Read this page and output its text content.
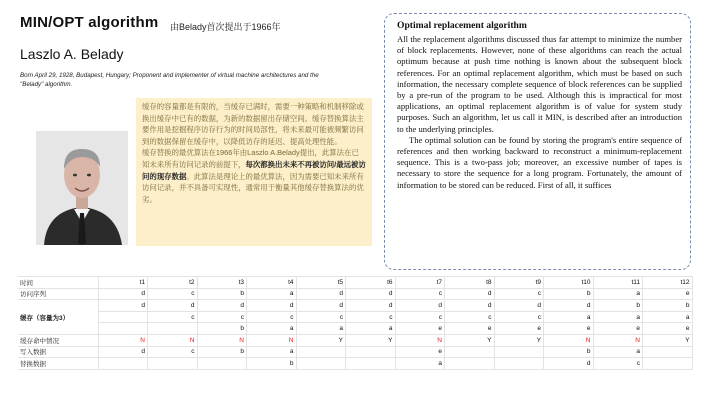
MIN/OPT algorithm 由Belady首次提出于1966年
Laszlo A. Belady
Born April 29, 1928, Budapest, Hungary; Proponent and implementer of virtual machine architectures and the "Belady" algorithm.
缓存的容量都是有限的，当缓存已满时，需要一种策略和机制移除或换出缓存中已有的数据，为新的数据留出存储空间。缓存替换算法主要作用是挖掘程序访存行为的时间局部性，将未来最可能被频繁访问到的数据保留在缓存中，以降低访存的延迟、提高处理性能。
缓存替换的最优算法在1966年由Laszlo A.Belady提出，此算法在已知未来所有访问记录的前提下，每次都换出未来不再被访问/最远被访问的现存数据。此算法是理论上的最优算法，因为需要已知未来所有访问记录，并不具备可实现性，通常用于衡量其他缓存替换算法的优劣。
Optimal replacement algorithm

All the replacement algorithms discussed thus far attempt to minimize the number of block replacements. However, none of these algorithms can reach the actual optimum because at push time nothing is known about the subsequent block references. For an optimal replacement algorithm, which must be based on such information, the necessary complete sequence of block references can be supplied by a pre-run of the program to be used. Although this is impractical for most applications, an optimal replacement algorithm is of value for system study purposes. Such an algorithm, let us call it MIN, is described after an introduction to the underlying principles.

The optimal solution can be found by storing the program's entire sequence of references and then working backward to reconstruct a minimum-replacement sequence. This is a two-pass job; moreover, an excessive number of tapes is necessary to store the sequence for a long program. Fortunately, the amount of information to be stored can be reduced. First of all, it suffices

时间	t1	t2	t3	t4	t5	t6	t7	t8	t9	t10	t11	t12
访问序列	d	c	b	a	d	d	c	d	c	b	a	e
缓存（容量为3）	d	d	d	d	d	d	d	d	d	d	b	b
		c	c	c	c	c	c	c	c	a	a	a
			b	a	a	a	e	e	e	e	e	e
缓存命中情况	N	N	N	N	Y	Y	N	Y	Y	N	N	Y
写入数据	d	c	b	a			e			b	a	
替换数据				b			a			d	c	
